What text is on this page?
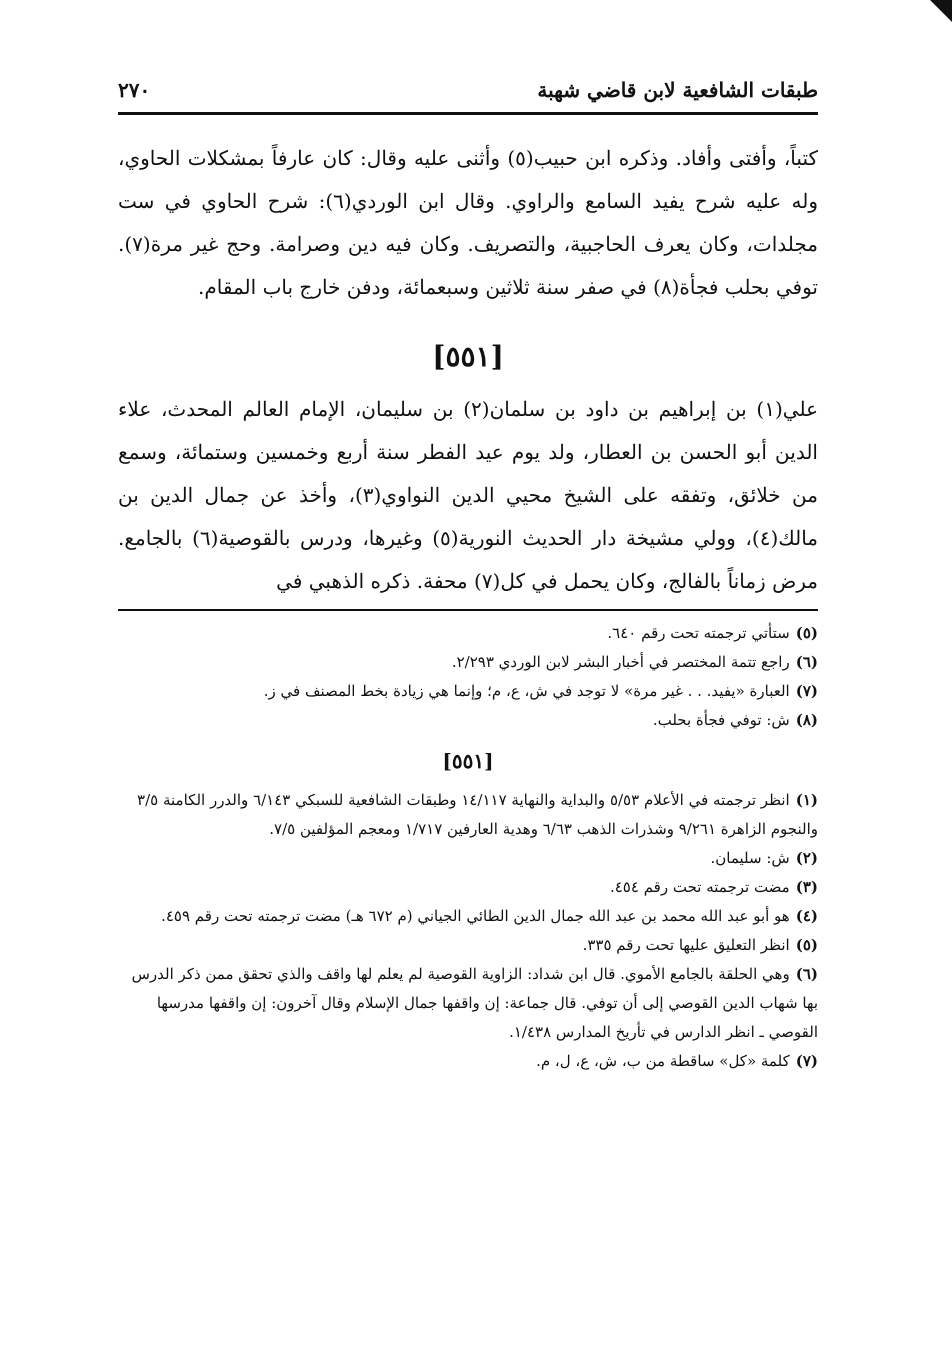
طبقات الشافعية لابن قاضي شهبة
٢٧٠

كتباً، وأفتى وأفاد. وذكره ابن حبيب(٥) وأثنى عليه وقال: كان عارفاً بمشكلات الحاوي، وله عليه شرح يفيد السامع والراوي. وقال ابن الوردي(٦): شرح الحاوي في ست مجلدات، وكان يعرف الحاجبية، والتصريف. وكان فيه دين وصرامة. وحج غير مرة(٧). توفي بحلب فجأة(٨) في صفر سنة ثلاثين وسبعمائة، ودفن خارج باب المقام.

[٥٥١]

علي(١) بن إبراهيم بن داود بن سلمان(٢) بن سليمان، الإمام العالم المحدث، علاء الدين أبو الحسن بن العطار، ولد يوم عيد الفطر سنة أربع وخمسين وستمائة، وسمع من خلائق، وتفقه على الشيخ محيي الدين النواوي(٣)، وأخذ عن جمال الدين بن مالك(٤)، وولي مشيخة دار الحديث النورية(٥) وغيرها، ودرس بالقوصية(٦) بالجامع. مرض زماناً بالفالج، وكان يحمل في كل(٧) محفة. ذكره الذهبي في

(٥)ستأتي ترجمته تحت رقم ٦٤٠.

(٦)راجع تتمة المختصر في أخبار البشر لابن الوردي ٢/٢٩٣.

(٧)العبارة «يفيد. . . غير مرة» لا توجد في ش، ع، م؛ وإنما هي زيادة بخط المصنف في ز.

(٨)ش: توفي فجأة بحلب.

[٥٥١]

(١)انظر ترجمته في الأعلام ٥/٥٣ والبداية والنهاية ١٤/١١٧ وطبقات الشافعية للسبكي ٦/١٤٣ والدرر الكامنة ٣/٥ والنجوم الزاهرة ٩/٢٦١ وشذرات الذهب ٦/٦٣ وهدية العارفين ١/٧١٧ ومعجم المؤلفين ٧/٥.

(٢)ش: سليمان.

(٣)مضت ترجمته تحت رقم ٤٥٤.

(٤)هو أبو عبد الله محمد بن عبد الله جمال الدين الطائي الجياني (م ٦٧٢ هـ) مضت ترجمته تحت رقم ٤٥٩.

(٥)انظر التعليق عليها تحت رقم ٣٣٥.

(٦)وهي الحلقة بالجامع الأموي. قال ابن شداد: الزاوية القوصية لم يعلم لها واقف والذي تحقق ممن ذكر الدرس بها شهاب الدين القوصي إلى أن توفي. قال جماعة: إن واقفها جمال الإسلام وقال آخرون: إن واقفها مدرسها القوصي ـ انظر الدارس في تأريخ المدارس ١/٤٣٨.

(٧)كلمة «كل» ساقطة من ب، ش، ع، ل، م.
